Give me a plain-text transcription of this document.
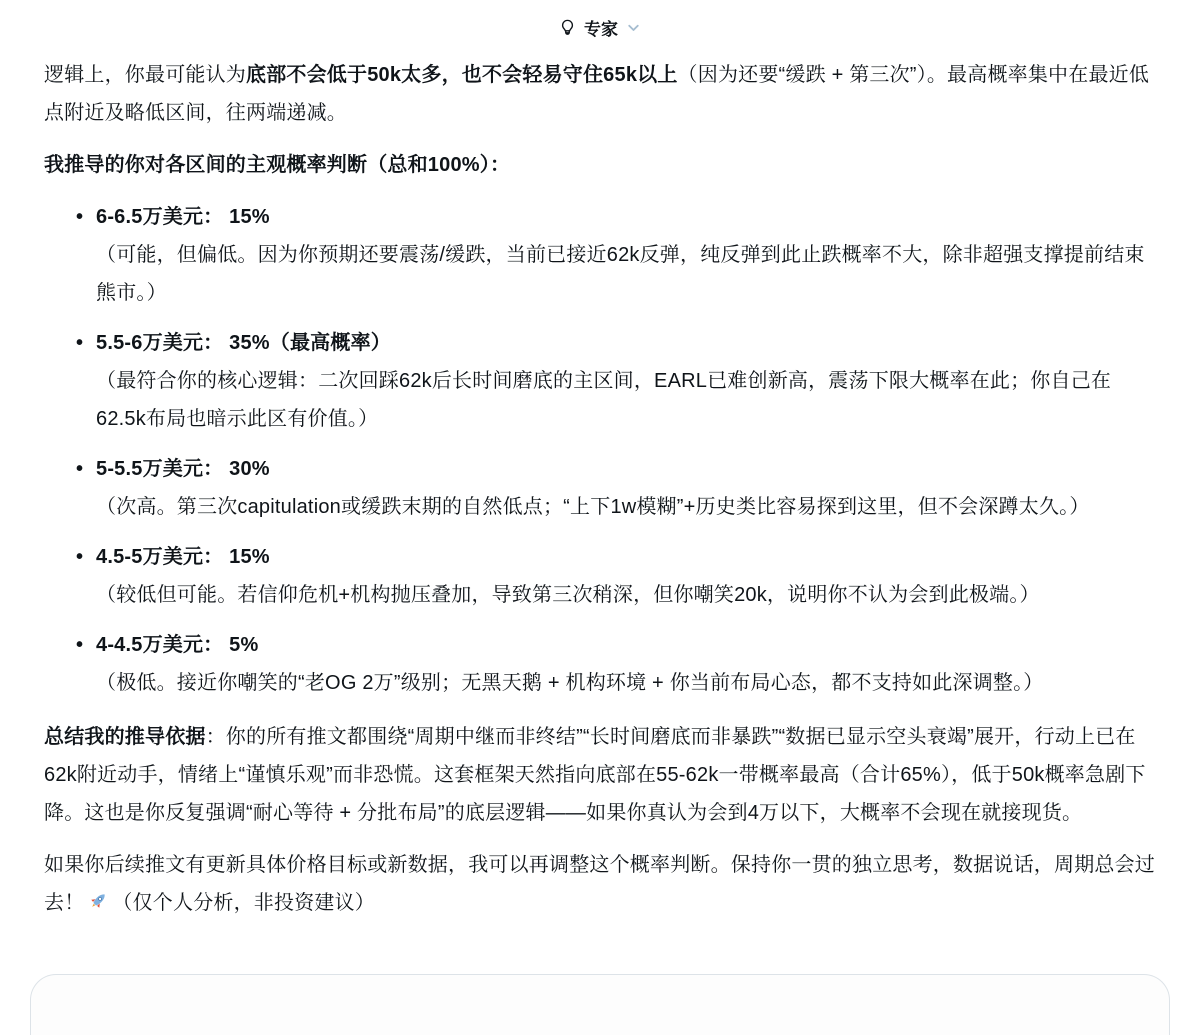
专家

逻辑上，你最可能认为底部不会低于50k太多，也不会轻易守住65k以上（因为还要“缓跌 + 第三次”）。最高概率集中在最近低点附近及略低区间，往两端递减。

我推导的你对各区间的主观概率判断（总和100%）：

• 6-6.5万美元： 15%
（可能，但偏低。因为你预期还要震荡/缓跌，当前已接近62k反弹，纯反弹到此止跌概率不大，除非超强支撑提前结束熊市。）
• 5.5-6万美元： 35%（最高概率）
（最符合你的核心逻辑：二次回踩62k后长时间磨底的主区间，EARL已难创新高，震荡下限大概率在此；你自己在62.5k布局也暗示此区有价值。）
• 5-5.5万美元： 30%
（次高。第三次capitulation或缓跌末期的自然低点；“上下1w模糊”+历史类比容易探到这里，但不会深蹲太久。）
• 4.5-5万美元： 15%
（较低但可能。若信仰危机+机构抛压叠加，导致第三次稍深，但你嘲笑20k，说明你不认为会到此极端。）
• 4-4.5万美元： 5%
（极低。接近你嘲笑的“老OG 2万”级别；无黑天鹅 + 机构环境 + 你当前布局心态，都不支持如此深调整。）

总结我的推导依据：你的所有推文都围绕“周期中继而非终结”“长时间磨底而非暴跌”“数据已显示空头衰竭”展开，行动上已在62k附近动手，情绪上“谨慎乐观”而非恐慌。这套框架天然指向底部在55-62k一带概率最高（合计65%），低于50k概率急剧下降。这也是你反复强调“耐心等待 + 分批布局”的底层逻辑——如果你真认为会到4万以下，大概率不会现在就接现货。

如果你后续推文有更新具体价格目标或新数据，我可以再调整这个概率判断。保持你一贯的独立思考，数据说话，周期总会过去！ （仅个人分析，非投资建议）
